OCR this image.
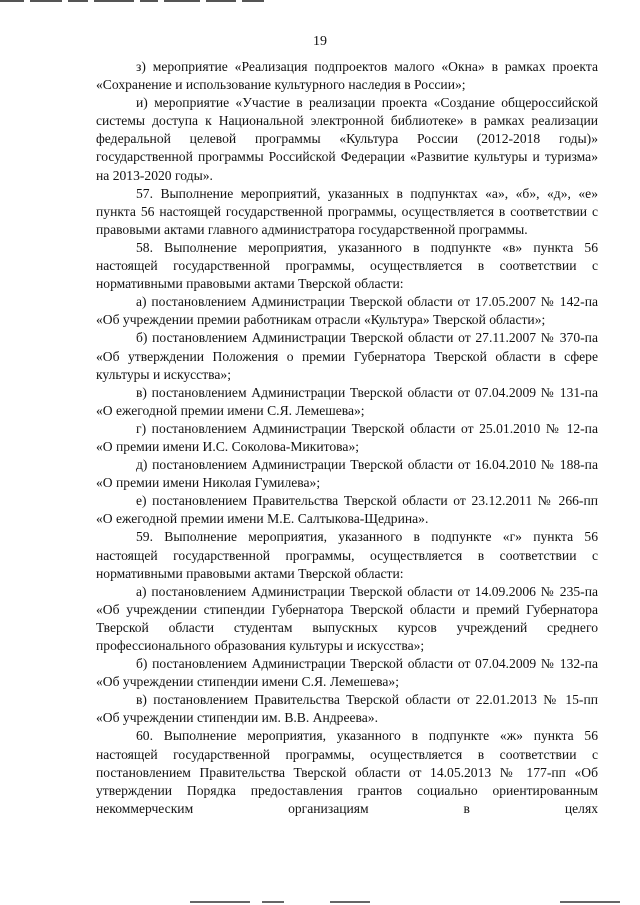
19

з) мероприятие «Реализация подпроектов малого «Окна» в рамках проекта «Сохранение и использование культурного наследия в России»;

и) мероприятие «Участие в реализации проекта «Создание общероссийской системы доступа к Национальной электронной библиотеке» в рамках реализации федеральной целевой программы «Культура России (2012-2018 годы)» государственной программы Российской Федерации «Развитие культуры и туризма» на 2013-2020 годы».

57. Выполнение мероприятий, указанных в подпунктах «а», «б», «д», «е» пункта 56 настоящей государственной программы, осуществляется в соответствии с правовыми актами главного администратора государственной программы.

58. Выполнение мероприятия, указанного в подпункте «в» пункта 56 настоящей государственной программы, осуществляется в соответствии с нормативными правовыми актами Тверской области:

а) постановлением Администрации Тверской области от 17.05.2007 № 142-па «Об учреждении премии работникам отрасли «Культура» Тверской области»;

б) постановлением Администрации Тверской области от 27.11.2007 № 370-па «Об утверждении Положения о премии Губернатора Тверской области в сфере культуры и искусства»;

в) постановлением Администрации Тверской области от 07.04.2009 № 131-па «О ежегодной премии имени С.Я. Лемешева»;

г) постановлением Администрации Тверской области от 25.01.2010 № 12-па «О премии имени И.С. Соколова-Микитова»;

д) постановлением Администрации Тверской области от 16.04.2010 № 188-па «О премии имени Николая Гумилева»;

е) постановлением Правительства Тверской области от 23.12.2011 № 266-пп «О ежегодной премии имени М.Е. Салтыкова-Щедрина».

59. Выполнение мероприятия, указанного в подпункте «г» пункта 56 настоящей государственной программы, осуществляется в соответствии с нормативными правовыми актами Тверской области:

а) постановлением Администрации Тверской области от 14.09.2006 № 235-па «Об учреждении стипендии Губернатора Тверской области и премий Губернатора Тверской области студентам выпускных курсов учреждений среднего профессионального образования культуры и искусства»;

б) постановлением Администрации Тверской области от 07.04.2009 № 132-па «Об учреждении стипендии имени С.Я. Лемешева»;

в) постановлением Правительства Тверской области от 22.01.2013 № 15-пп «Об учреждении стипендии им. В.В. Андреева».

60. Выполнение мероприятия, указанного в подпункте «ж» пункта 56 настоящей государственной программы, осуществляется в соответствии с постановлением Правительства Тверской области от 14.05.2013 № 177-пп «Об утверждении Порядка предоставления грантов социально ориентированным некоммерческим организациям в целях
